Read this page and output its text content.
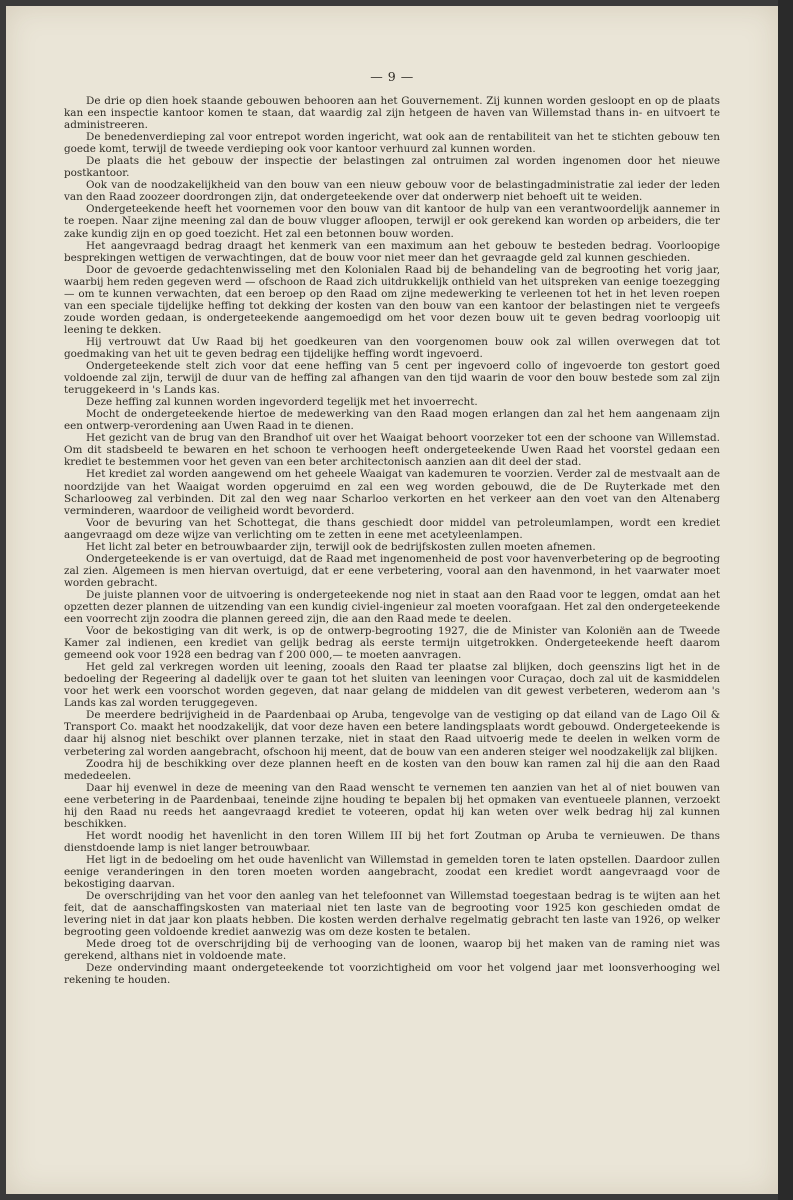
— 9 —

De drie op dien hoek staande gebouwen behooren aan het Gouvernement. Zij kunnen worden gesloopt en op de plaats kan een inspectie kantoor komen te staan, dat waardig zal zijn hetgeen de haven van Willemstad thans in- en uitvoert te administreeren.

De benedenverdieping zal voor entrepot worden ingericht, wat ook aan de rentabiliteit van het te stichten gebouw ten goede komt, terwijl de tweede verdieping ook voor kantoor verhuurd zal kunnen worden.

De plaats die het gebouw der inspectie der belastingen zal ontruimen zal worden ingenomen door het nieuwe postkantoor.

Ook van de noodzakelijkheid van den bouw van een nieuw gebouw voor de belastingadministratie zal ieder der leden van den Raad zoozeer doordrongen zijn, dat ondergeteekende over dat onderwerp niet behoeft uit te weiden.

Ondergeteekende heeft het voornemen voor den bouw van dit kantoor de hulp van een verantwoordelijk aannemer in te roepen. Naar zijne meening zal dan de bouw vlugger afloopen, terwijl er ook gerekend kan worden op arbeiders, die ter zake kundig zijn en op goed toezicht. Het zal een betonnen bouw worden.

Het aangevraagd bedrag draagt het kenmerk van een maximum aan het gebouw te besteden bedrag. Voorloopige besprekingen wettigen de verwachtingen, dat de bouw voor niet meer dan het gevraagde geld zal kunnen geschieden.

Door de gevoerde gedachtenwisseling met den Kolonialen Raad bij de behandeling van de begrooting het vorig jaar, waarbij hem reden gegeven werd — ofschoon de Raad zich uitdrukkelijk onthield van het uitspreken van eenige toezegging — om te kunnen verwachten, dat een beroep op den Raad om zijne medewerking te verleenen tot het in het leven roepen van een speciale tijdelijke heffing tot dekking der kosten van den bouw van een kantoor der belastingen niet te vergeefs zoude worden gedaan, is ondergeteekende aangemoedigd om het voor dezen bouw uit te geven bedrag voorloopig uit leening te dekken.

Hij vertrouwt dat Uw Raad bij het goedkeuren van den voorgenomen bouw ook zal willen overwegen dat tot goedmaking van het uit te geven bedrag een tijdelijke heffing wordt ingevoerd.

Ondergeteekende stelt zich voor dat eene heffing van 5 cent per ingevoerd collo of ingevoerde ton gestort goed voldoende zal zijn, terwijl de duur van de heffing zal afhangen van den tijd waarin de voor den bouw bestede som zal zijn teruggekeerd in 's Lands kas.

Deze heffing zal kunnen worden ingevorderd tegelijk met het invoerrecht.

Mocht de ondergeteekende hiertoe de medewerking van den Raad mogen erlangen dan zal het hem aangenaam zijn een ontwerp-verordening aan Uwen Raad in te dienen.

Het gezicht van de brug van den Brandhof uit over het Waaigat behoort voorzeker tot een der schoone van Willemstad. Om dit stadsbeeld te bewaren en het schoon te verhoogen heeft ondergeteekende Uwen Raad het voorstel gedaan een krediet te bestemmen voor het geven van een beter architectonisch aanzien aan dit deel der stad.

Het krediet zal worden aangewend om het geheele Waaigat van kademuren te voorzien. Verder zal de mestvaalt aan de noordzijde van het Waaigat worden opgeruimd en zal een weg worden gebouwd, die de De Ruyterkade met den Scharlooweg zal verbinden. Dit zal den weg naar Scharloo verkorten en het verkeer aan den voet van den Altenaberg verminderen, waardoor de veiligheid wordt bevorderd.

Voor de bevuring van het Schottegat, die thans geschiedt door middel van petroleumlampen, wordt een krediet aangevraagd om deze wijze van verlichting om te zetten in eene met acetyleenlampen.

Het licht zal beter en betrouwbaarder zijn, terwijl ook de bedrijfskosten zullen moeten afnemen.

Ondergeteekende is er van overtuigd, dat de Raad met ingenomenheid de post voor havenverbetering op de begrooting zal zien. Algemeen is men hiervan overtuigd, dat er eene verbetering, vooral aan den havenmond, in het vaarwater moet worden gebracht.

De juiste plannen voor de uitvoering is ondergeteekende nog niet in staat aan den Raad voor te leggen, omdat aan het opzetten dezer plannen de uitzending van een kundig civiel-ingenieur zal moeten voorafgaan. Het zal den ondergeteekende een voorrecht zijn zoodra die plannen gereed zijn, die aan den Raad mede te deelen.

Voor de bekostiging van dit werk, is op de ontwerp-begrooting 1927, die de Minister van Koloniën aan de Tweede Kamer zal indienen, een krediet van gelijk bedrag als eerste termijn uitgetrokken. Ondergeteekende heeft daarom gemeend ook voor 1928 een bedrag van f 200 000,— te moeten aanvragen.

Het geld zal verkregen worden uit leening, zooals den Raad ter plaatse zal blijken, doch geenszins ligt het in de bedoeling der Regeering al dadelijk over te gaan tot het sluiten van leeningen voor Curaçao, doch zal uit de kasmiddelen voor het werk een voorschot worden gegeven, dat naar gelang de middelen van dit gewest verbeteren, wederom aan 's Lands kas zal worden teruggegeven.

De meerdere bedrijvigheid in de Paardenbaai op Aruba, tengevolge van de vestiging op dat eiland van de Lago Oil & Transport Co. maakt het noodzakelijk, dat voor deze haven een betere landingsplaats wordt gebouwd. Ondergeteekende is daar hij alsnog niet beschikt over plannen terzake, niet in staat den Raad uitvoerig mede te deelen in welken vorm de verbetering zal worden aangebracht, ofschoon hij meent, dat de bouw van een anderen steiger wel noodzakelijk zal blijken.

Zoodra hij de beschikking over deze plannen heeft en de kosten van den bouw kan ramen zal hij die aan den Raad mededeelen.

Daar hij evenwel in deze de meening van den Raad wenscht te vernemen ten aanzien van het al of niet bouwen van eene verbetering in de Paardenbaai, teneinde zijne houding te bepalen bij het opmaken van eventueele plannen, verzoekt hij den Raad nu reeds het aangevraagd krediet te voteeren, opdat hij kan weten over welk bedrag hij zal kunnen beschikken.

Het wordt noodig het havenlicht in den toren Willem III bij het fort Zoutman op Aruba te vernieuwen. De thans dienstdoende lamp is niet langer betrouwbaar.

Het ligt in de bedoeling om het oude havenlicht van Willemstad in gemelden toren te laten opstellen. Daardoor zullen eenige veranderingen in den toren moeten worden aangebracht, zoodat een krediet wordt aangevraagd voor de bekostiging daarvan.

De overschrijding van het voor den aanleg van het telefoonnet van Willemstad toegestaan bedrag is te wijten aan het feit, dat de aanschaffingskosten van materiaal niet ten laste van de begrooting voor 1925 kon geschieden omdat de levering niet in dat jaar kon plaats hebben. Die kosten werden derhalve regelmatig gebracht ten laste van 1926, op welker begrooting geen voldoende krediet aanwezig was om deze kosten te betalen.

Mede droeg tot de overschrijding bij de verhooging van de loonen, waarop bij het maken van de raming niet was gerekend, althans niet in voldoende mate.

Deze ondervinding maant ondergeteekende tot voorzichtigheid om voor het volgend jaar met loonsverhooging wel rekening te houden.
